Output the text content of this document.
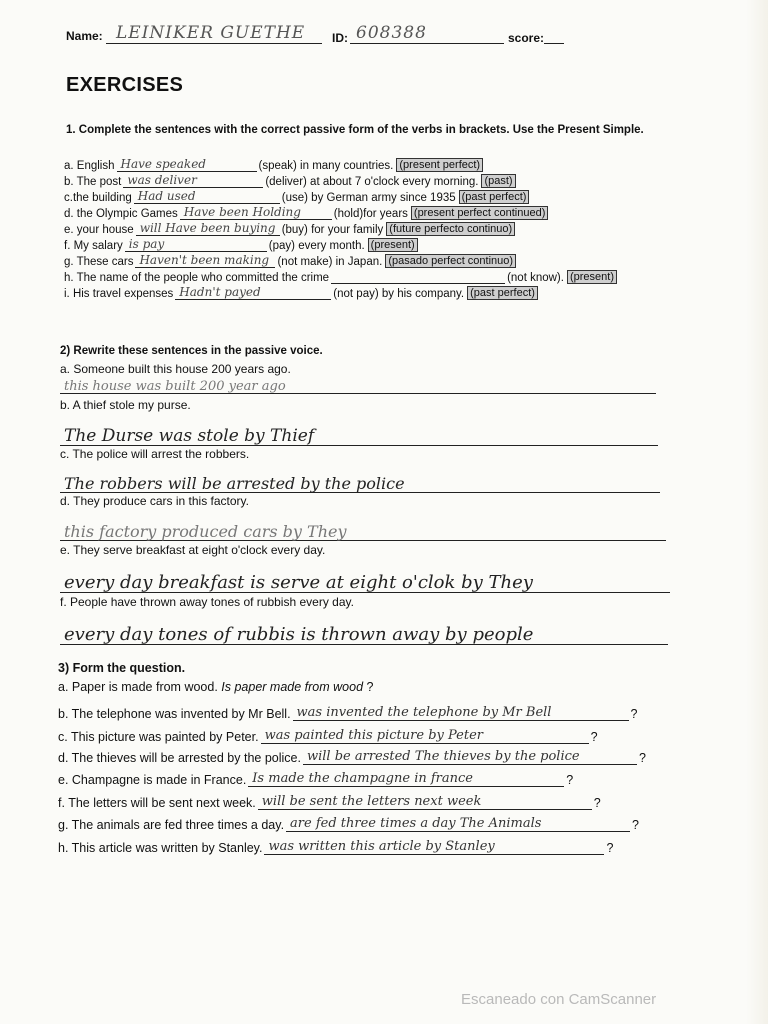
Name: LEINIKER GUETHE ID: 608388	score:
EXERCISES
1. Complete the sentences with the correct passive form of the verbs in brackets. Use the Present Simple.
a. English Have speaked	(speak) in many countries. (present perfect)
b. The post was deliver	(deliver) at about 7 o'clock every morning. (past)
c.the building Had used	(use) by German army since 1935 (past perfect)
d. the Olympic Games Have been Holding	(hold)for years (present perfect continued)
e. your house will Have been buying (buy) for your family (future perfecto continuo)
f. My salary is pay	(pay) every month. (present)
g. These cars Haven't been making (not make) in Japan. (pasado perfect continuo)
h. The name of the people who committed the crime	(not know). (present)
i. His travel expenses Hadn't payed	(not pay) by his company. (past perfect)
2) Rewrite these sentences in the passive voice.
a. Someone built this house 200 years ago.
this house was built 200 year ago
b. A thief stole my purse.
The Durse was stole by Thief
c. The police will arrest the robbers.
The robbers will be arrested by the police
d. They produce cars in this factory.
this factory produced cars by They
e. They serve breakfast at eight o'clock every day.
every day breakfast is serve at eight o'clok by They
f. People have thrown away tones of rubbish every day.
every day tones of rubbis is thrown away by people
3) Form the question.
a. Paper is made from wood.
Is paper made from wood
?
b. The telephone was invented by Mr Bell. was invented the telephone by Mr Bell	?
c. This picture was painted by Peter. was painted this picture by Peter	?
d. The thieves will be arrested by the police. will be arrested The thieves by the police	?
e. Champagne is made in France. Is made the champagne in france	?
f. The letters will be sent next week. will be sent the letters next week	?
g. The animals are fed three times a day. are fed three times a day The Animals	?
h. This article was written by Stanley. was written this article by Stanley	?
Escaneado con CamScanner
